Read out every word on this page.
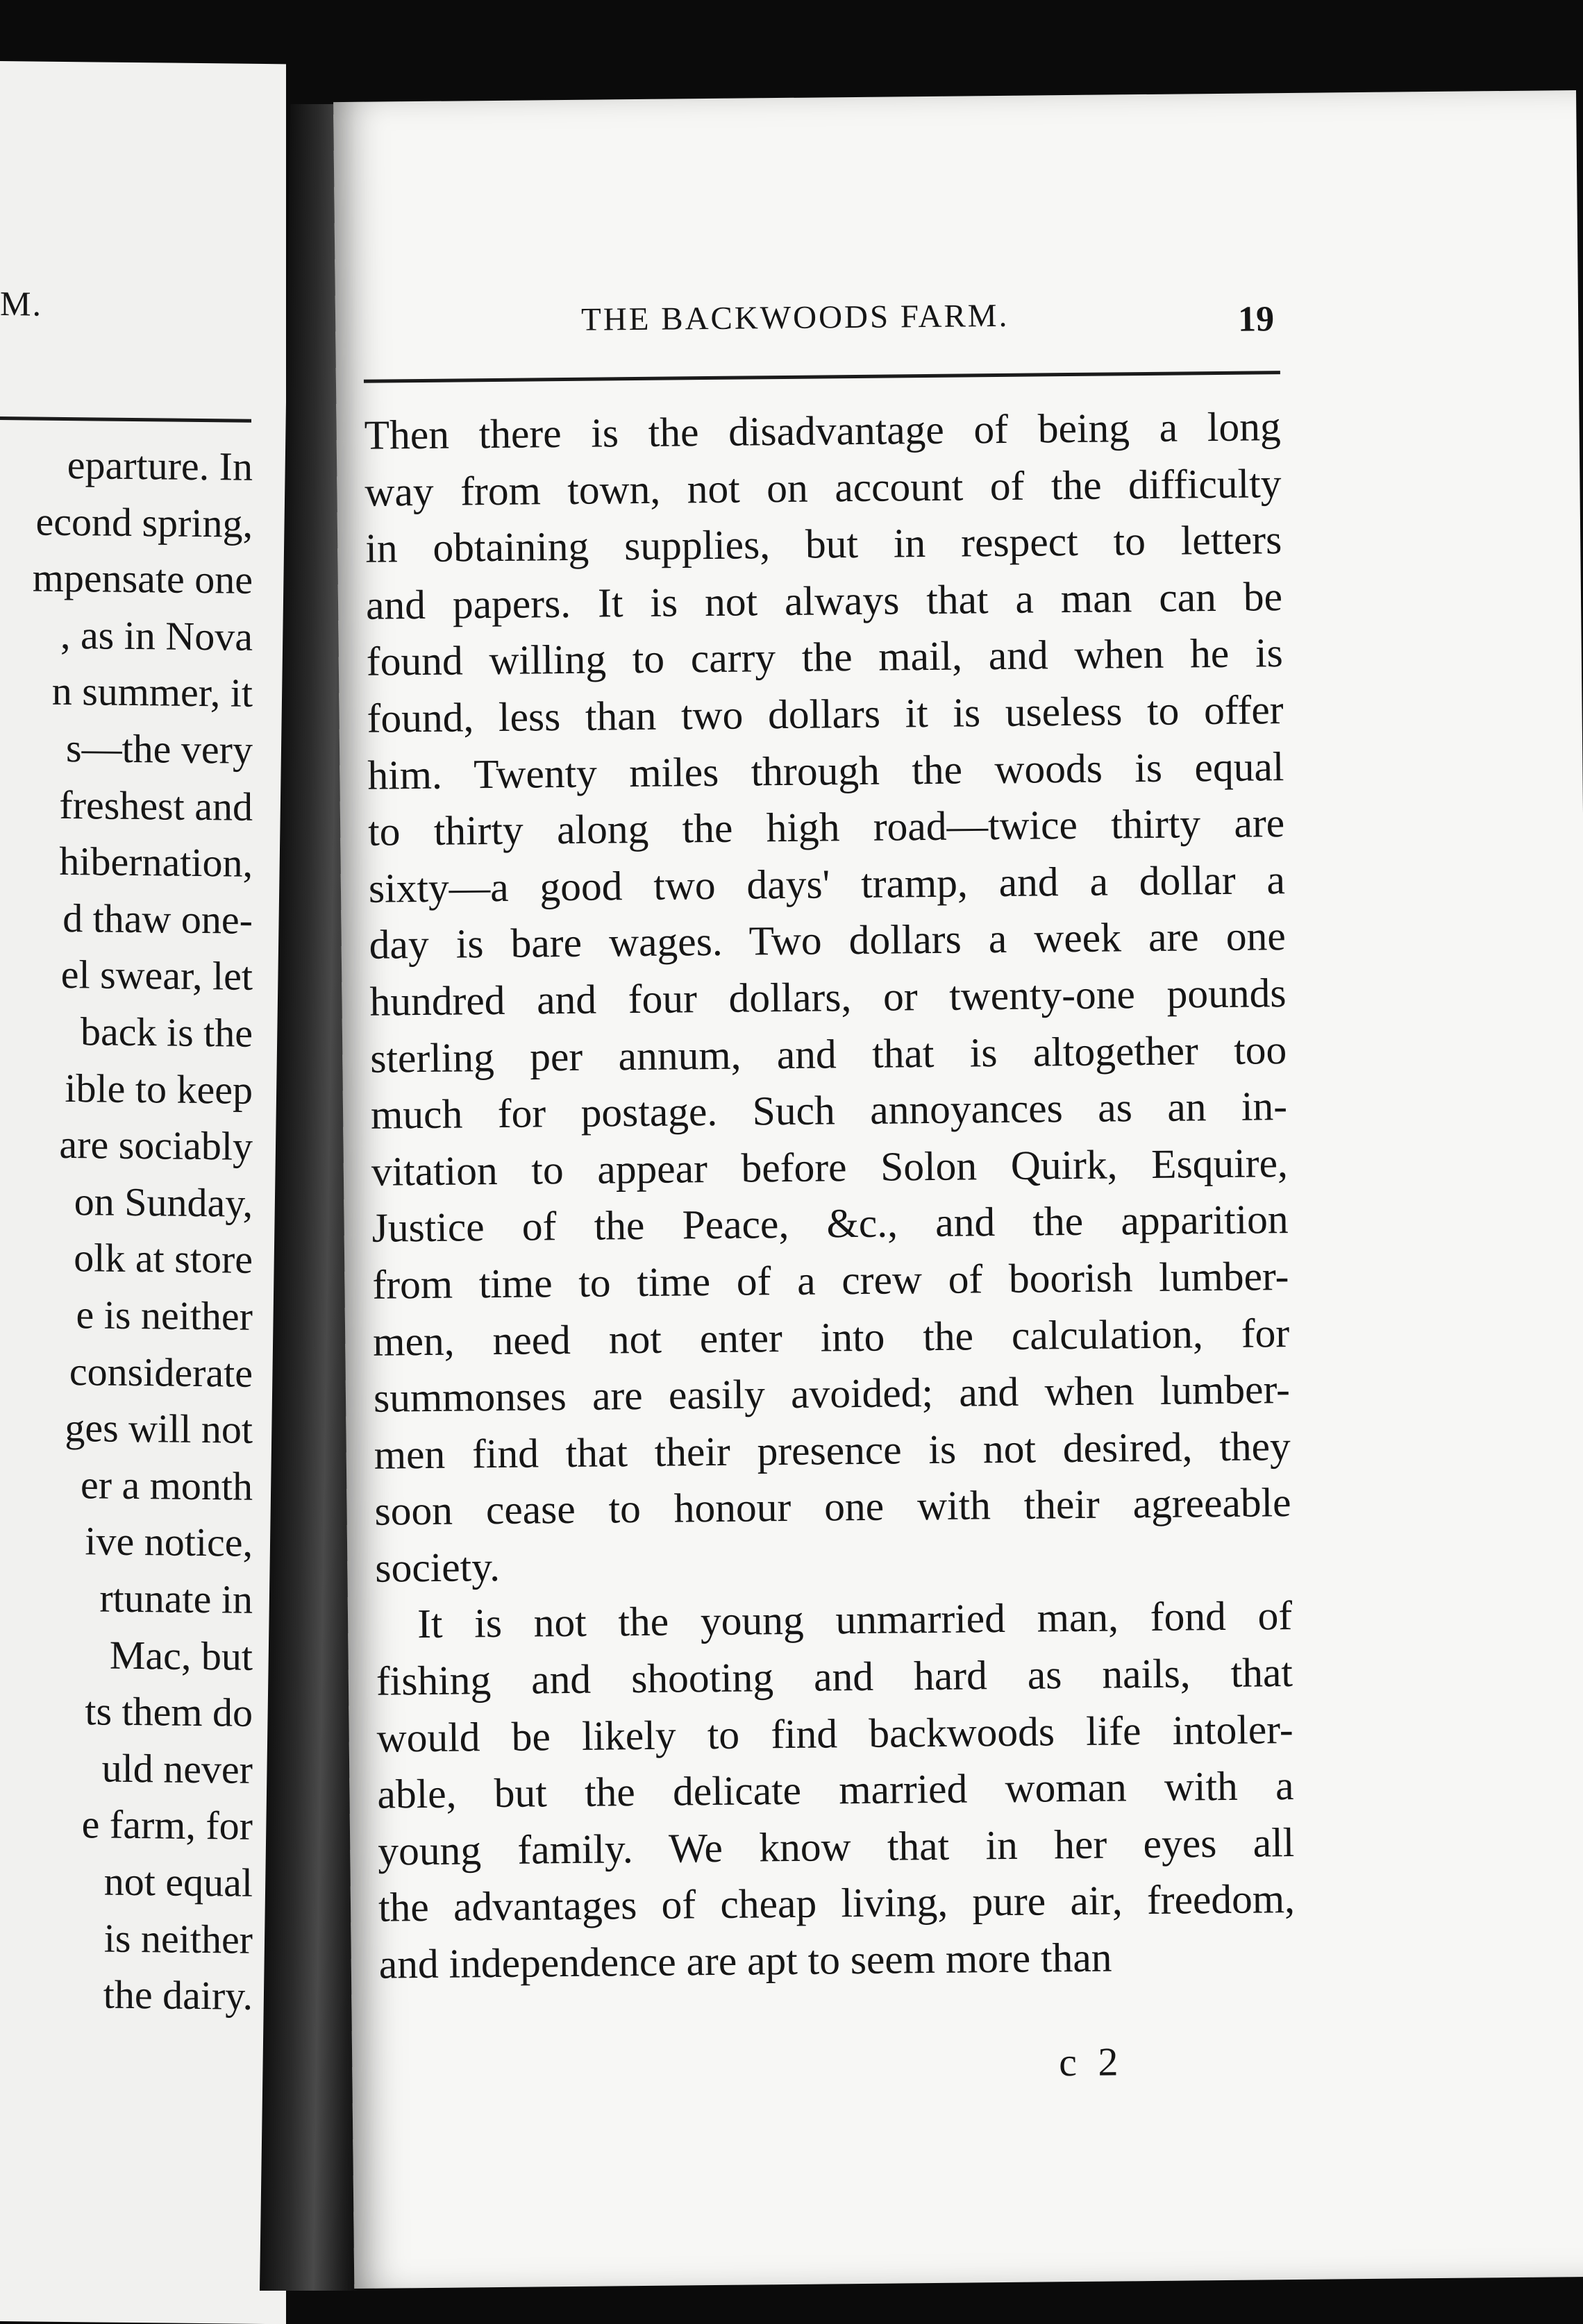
M.
eparture. In
econd spring,
mpensate one
, as in Nova
n summer, it
s—the very
freshest and
hibernation,
d thaw one-
el swear, let
back is the
ible to keep
are sociably
on Sunday,
olk at store
e is neither
considerate
ges will not
er a month
ive notice,
rtunate in
Mac, but
ts them do
uld never
e farm, for
not equal
is neither
the dairy.
THE BACKWOODS FARM.	19
Then there is the disadvantage of being a long
way from town, not on account of the difficulty
in obtaining supplies, but in respect to letters
and papers. It is not always that a man can be
found willing to carry the mail, and when he is
found, less than two dollars it is useless to offer
him. Twenty miles through the woods is equal
to thirty along the high road—twice thirty are
sixty—a good two days' tramp, and a dollar a
day is bare wages. Two dollars a week are one
hundred and four dollars, or twenty-one pounds
sterling per annum, and that is altogether too
much for postage. Such annoyances as an in-
vitation to appear before Solon Quirk, Esquire,
Justice of the Peace, &c., and the apparition
from time to time of a crew of boorish lumber-
men, need not enter into the calculation, for
summonses are easily avoided; and when lumber-
men find that their presence is not desired, they
soon cease to honour one with their agreeable
society.
It is not the young unmarried man, fond of
fishing and shooting and hard as nails, that
would be likely to find backwoods life intoler-
able, but the delicate married woman with a
young family. We know that in her eyes all
the advantages of cheap living, pure air, freedom,
and independence are apt to seem more than
c 2
